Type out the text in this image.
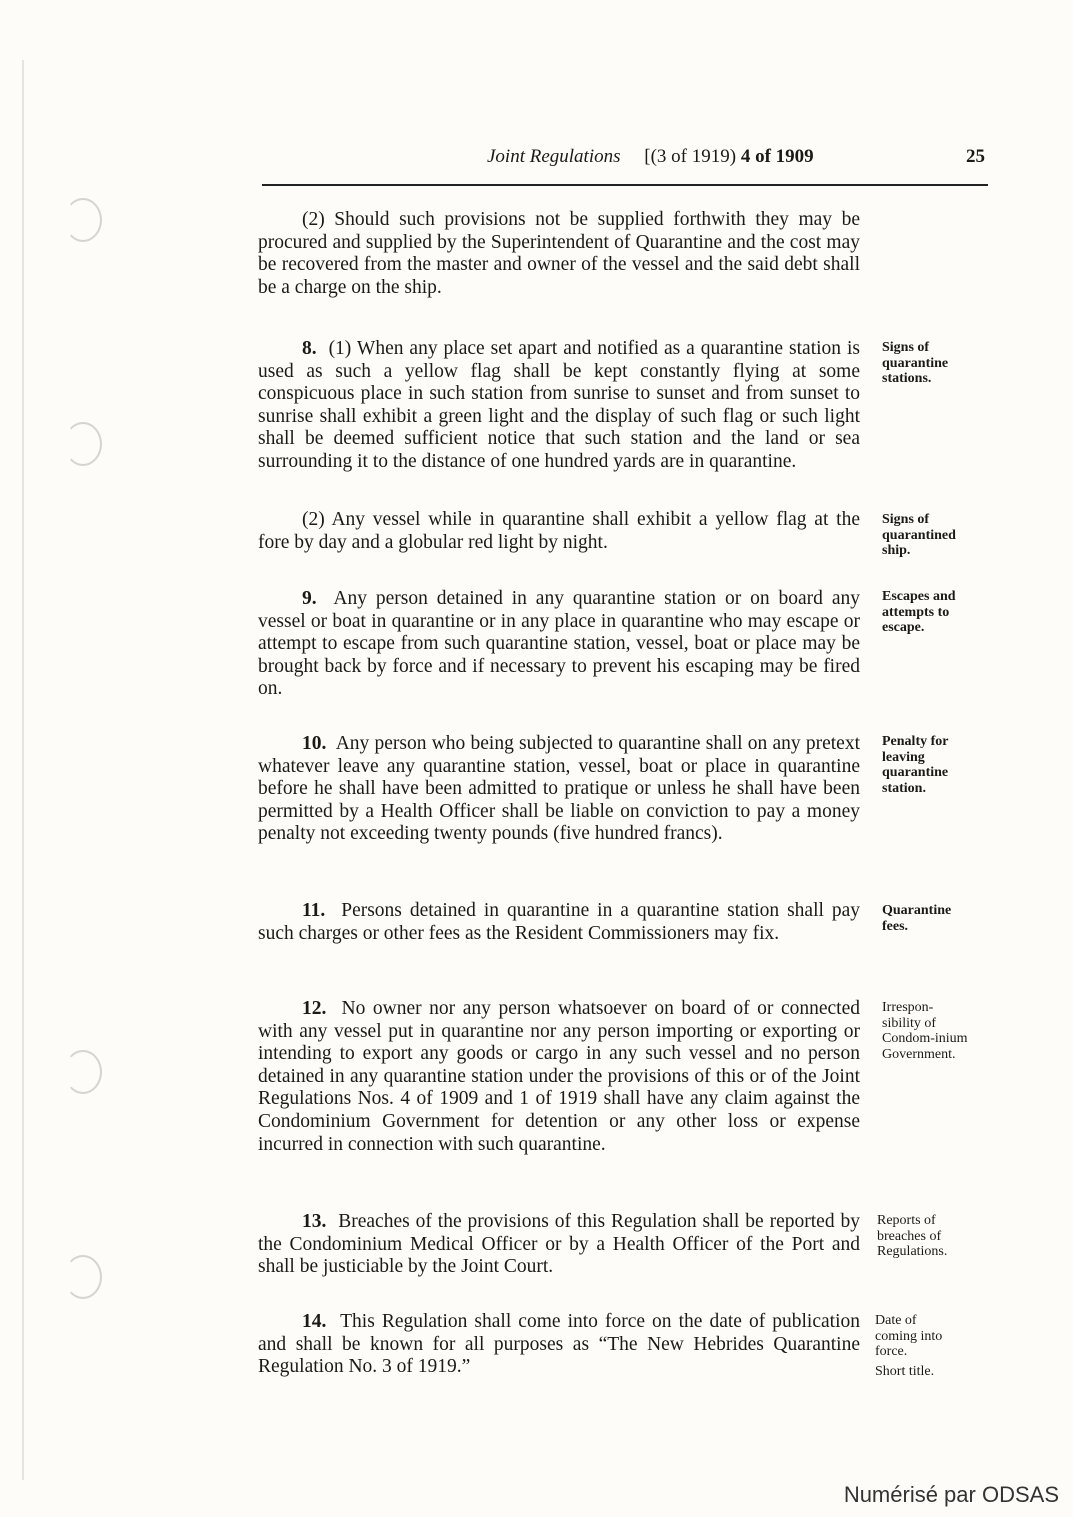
Joint Regulations [(3 of 1919) 4 of 1909	25
(2) Should such provisions not be supplied forthwith they may be procured and supplied by the Superintendent of Quarantine and the cost may be recovered from the master and owner of the vessel and the said debt shall be a charge on the ship.
8. (1) When any place set apart and notified as a quarantine station is used as such a yellow flag shall be kept constantly flying at some conspicuous place in such station from sunrise to sunset and from sunset to sunrise shall exhibit a green light and the display of such flag or such light shall be deemed sufficient notice that such station and the land or sea surrounding it to the distance of one hundred yards are in quarantine.
(2) Any vessel while in quarantine shall exhibit a yellow flag at the fore by day and a globular red light by night.
9. Any person detained in any quarantine station or on board any vessel or boat in quarantine or in any place in quarantine who may escape or attempt to escape from such quarantine station, vessel, boat or place may be brought back by force and if necessary to prevent his escaping may be fired on.
10. Any person who being subjected to quarantine shall on any pretext whatever leave any quarantine station, vessel, boat or place in quarantine before he shall have been admitted to pratique or unless he shall have been permitted by a Health Officer shall be liable on conviction to pay a money penalty not exceeding twenty pounds (five hundred francs).
11. Persons detained in quarantine in a quarantine station shall pay such charges or other fees as the Resident Commissioners may fix.
12. No owner nor any person whatsoever on board of or connected with any vessel put in quarantine nor any person importing or exporting or intending to export any goods or cargo in any such vessel and no person detained in any quarantine station under the provisions of this or of the Joint Regulations Nos. 4 of 1909 and 1 of 1919 shall have any claim against the Condominium Government for detention or any other loss or expense incurred in connection with such quarantine.
13. Breaches of the provisions of this Regulation shall be reported by the Condominium Medical Officer or by a Health Officer of the Port and shall be justiciable by the Joint Court.
14. This Regulation shall come into force on the date of publication and shall be known for all purposes as “The New Hebrides Quarantine Regulation No. 3 of 1919.”
Signs of quarantine stations.
Signs of quarantined ship.
Escapes and attempts to escape.
Penalty for leaving quarantine station.
Quarantine fees.
Irrespon-sibility of Condom-inium Government.
Reports of breaches of Regulations.
Date of coming into force.
Short title.
Numérisé par ODSAS
